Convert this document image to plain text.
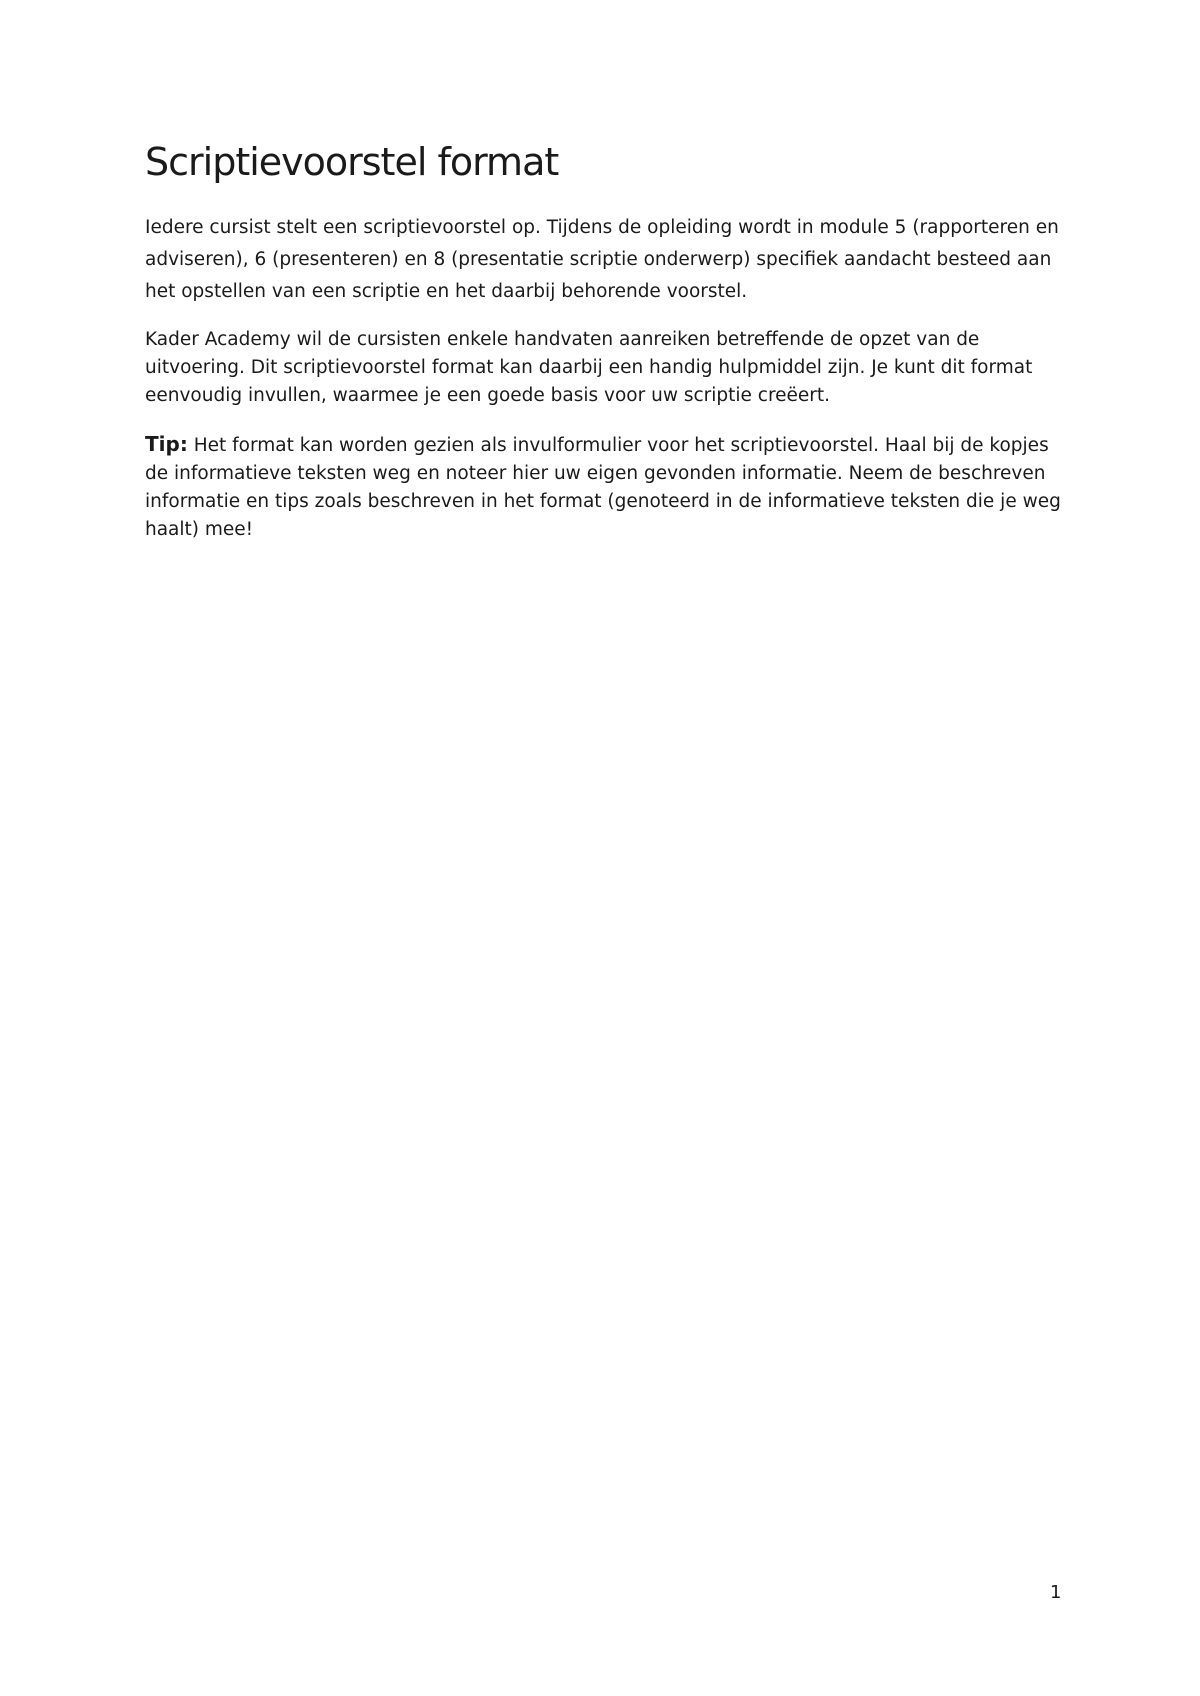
Scriptievoorstel format

Iedere cursist stelt een scriptievoorstel op. Tijdens de opleiding wordt in module 5 (rapporteren en adviseren), 6 (presenteren) en 8 (presentatie scriptie onderwerp) specifiek aandacht besteed aan het opstellen van een scriptie en het daarbij behorende voorstel.

Kader Academy wil de cursisten enkele handvaten aanreiken betreffende de opzet van de uitvoering. Dit scriptievoorstel format kan daarbij een handig hulpmiddel zijn. Je kunt dit format eenvoudig invullen, waarmee je een goede basis voor uw scriptie creëert.

Tip: Het format kan worden gezien als invulformulier voor het scriptievoorstel. Haal bij de kopjes de informatieve teksten weg en noteer hier uw eigen gevonden informatie. Neem de beschreven informatie en tips zoals beschreven in het format (genoteerd in de informatieve teksten die je weg haalt) mee!

1
